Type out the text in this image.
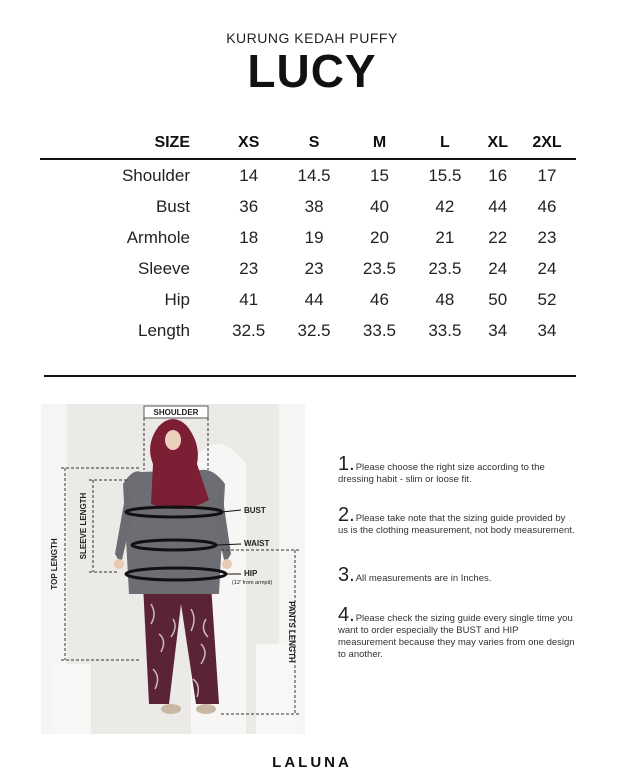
KURUNG KEDAH PUFFY
LUCY
SIZE	XS	S	M	L	XL	2XL
Shoulder	14	14.5	15	15.5	16	17
Bust	36	38	40	42	44	46
Armhole	18	19	20	21	22	23
Sleeve	23	23	23.5	23.5	24	24
Hip	41	44	46	48	50	52
Length	32.5	32.5	33.5	33.5	34	34
SHOULDER
BUST
WAIST
HIP
(12' from armpit)
TOP LENGTH
SLEEVE LENGTH
PANTS LENGTH
1.Please choose the right size according to the dressing habit - slim or loose fit.
2.Please take note that the sizing guide provided by us is the clothing measurement, not body measurement.
3.All measurements are in Inches.
4.Please check the sizing guide every single time you want to order especially the BUST and HIP measurement because they may varies from one design to another.
LALUNA
